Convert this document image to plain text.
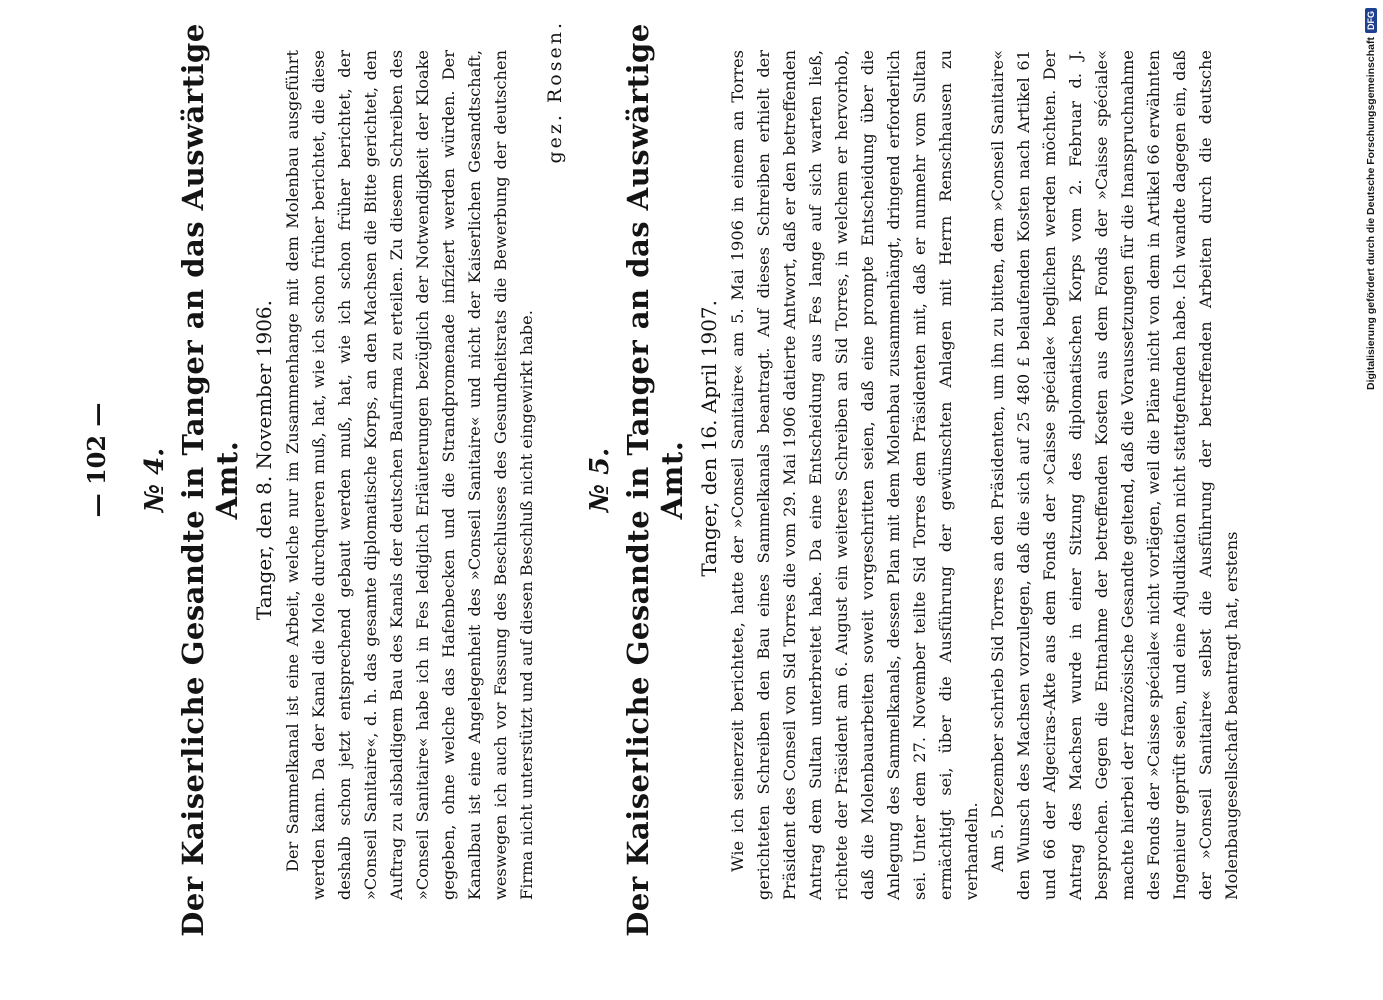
— 102 — № 4. Der Kaiserliche Gesandte in Tanger an das Auswärtige Amt. Tanger, den 8. November 1906. Der Sammelkanal ist eine Arbeit, welche nur im Zusammenhange mit dem Molenbau ausgeführt werden kann. Da der Kanal die Mole durchqueren muß, hat, wie ich schon früher berichtet, die diese deshalb schon jetzt entsprechend gebaut werden muß, hat, wie ich schon früher berichtet, der »Conseil Sanitaire«, d. h. das gesamte diplomatische Korps, an den Machsen die Bitte gerichtet, den Auftrag zu alsbaldigem Bau des Kanals der deutschen Baufirma zu erteilen. Zu diesem Schreiben des »Conseil Sanitaire« habe ich in Fes lediglich Erläuterungen bezüglich der Notwendigkeit der Kloake gegeben, ohne welche das Hafenbecken und die Strandpromenade infiziert werden würden. Der Kanalbau ist eine Angelegenheit des »Conseil Sanitaire« und nicht der Kaiserlichen Gesandtschaft, weswegen ich auch vor Fassung des Beschlusses des Gesundheitsrats die Bewerbung der deutschen Firma nicht unterstützt und auf diesen Beschluß nicht eingewirkt habe.

gez. Rosen.
№ 5. Der Kaiserliche Gesandte in Tanger an das Auswärtige Amt. Tanger, den 16. April 1907. Wie ich seinerzeit berichtete, hatte der »Conseil Sanitaire« am 5. Mai 1906 in einem an Torres gerichteten Schreiben den Bau eines Sammelkanals beantragt. Auf dieses Schreiben erhielt der Präsident des Conseil von Sid Torres die vom 29. Mai 1906 datierte Antwort, daß er den betreffenden Antrag dem Sultan unterbreitet habe. Da eine Entscheidung aus Fes lange auf sich warten ließ, richtete der Präsident am 6. August ein weiteres Schreiben an Sid Torres, in welchem er hervorhob, daß die Molenbauarbeiten soweit vorgeschritten seien, daß eine prompte Entscheidung über die Anlegung des Sammelkanals, dessen Plan mit dem Molenbau zusammenhängt, dringend erforderlich sei. Unter dem 27. November teilte Sid Torres dem Präsidenten mit, daß er nunmehr vom Sultan ermächtigt sei, über die Ausführung der gewünschten Anlagen mit Herrn Renschhausen zu verhandeln. Am 5. Dezember schrieb Sid Torres an den Präsidenten, um ihn zu bitten, dem »Conseil Sanitaire« den Wunsch des Machsen vorzulegen, daß die sich auf 25 480 £ belaufenden Kosten nach Artikel 61 und 66 der Algeciras-Akte aus dem Fonds der »Caisse spéciale« beglichen werden möchten. Der Antrag des Machsen wurde in einer Sitzung des diplomatischen Korps vom 2. Februar d. J. besprochen. Gegen die Entnahme der betreffenden Kosten aus dem Fonds der »Caisse spéciale« machte hierbei der französische Gesandte geltend, daß die Voraussetzungen für die Inanspruchnahme des Fonds der »Caisse spéciale« nicht vorlägen, weil die Pläne nicht von dem in Artikel 66 erwähnten Ingenieur geprüft seien, und eine Adjudikation nicht stattgefunden habe. Ich wandte dagegen ein, daß der »Conseil Sanitaire« selbst die Ausführung der betreffenden Arbeiten durch die deutsche Molenbaugesellschaft beantragt hat, erstens

Digitalisierung gefördert durch die Deutsche Forschungsgemeinschaft
DFG
